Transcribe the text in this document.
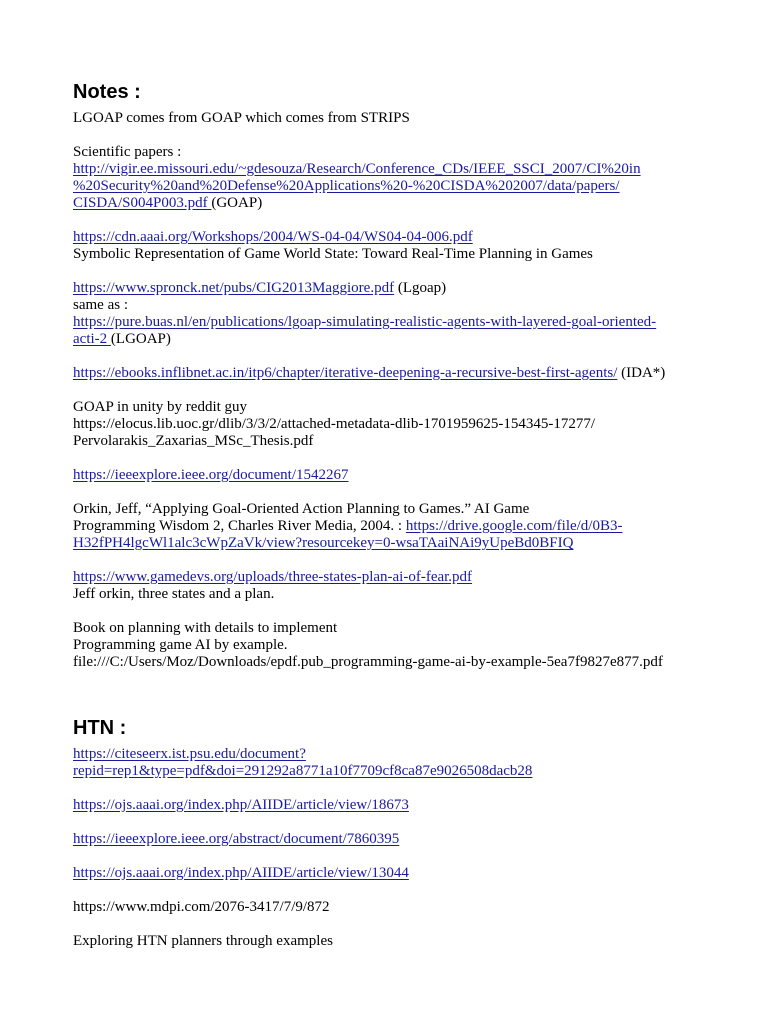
Notes :

LGOAP comes from GOAP which comes from STRIPS

Scientific papers :
http://vigir.ee.missouri.edu/~gdesouza/Research/Conference_CDs/IEEE_SSCI_2007/CI%20in
%20Security%20and%20Defense%20Applications%20-%20CISDA%202007/data/papers/
CISDA/S004P003.pdf (GOAP)

https://cdn.aaai.org/Workshops/2004/WS-04-04/WS04-04-006.pdf
Symbolic Representation of Game World State: Toward Real-Time Planning in Games

https://www.spronck.net/pubs/CIG2013Maggiore.pdf (Lgoap)
same as :
https://pure.buas.nl/en/publications/lgoap-simulating-realistic-agents-with-layered-goal-oriented-
acti-2 (LGOAP)

https://ebooks.inflibnet.ac.in/itp6/chapter/iterative-deepening-a-recursive-best-first-agents/ (IDA*)

GOAP in unity by reddit guy
https://elocus.lib.uoc.gr/dlib/3/3/2/attached-metadata-dlib-1701959625-154345-17277/
Pervolarakis_Zaxarias_MSc_Thesis.pdf

https://ieeexplore.ieee.org/document/1542267

Orkin, Jeff, “Applying Goal-Oriented Action Planning to Games.” AI Game
Programming Wisdom 2, Charles River Media, 2004. : https://drive.google.com/file/d/0B3-
H32fPH4lgcWl1alc3cWpZaVk/view?resourcekey=0-wsaTAaiNAi9yUpeBd0BFIQ

https://www.gamedevs.org/uploads/three-states-plan-ai-of-fear.pdf
Jeff orkin, three states and a plan.

Book on planning with details to implement
Programming game AI by example.
file:///C:/Users/Moz/Downloads/epdf.pub_programming-game-ai-by-example-5ea7f9827e877.pdf

HTN :

https://citeseerx.ist.psu.edu/document?
repid=rep1&type=pdf&doi=291292a8771a10f7709cf8ca87e9026508dacb28

https://ojs.aaai.org/index.php/AIIDE/article/view/18673

https://ieeexplore.ieee.org/abstract/document/7860395

https://ojs.aaai.org/index.php/AIIDE/article/view/13044

https://www.mdpi.com/2076-3417/7/9/872

Exploring HTN planners through examples
